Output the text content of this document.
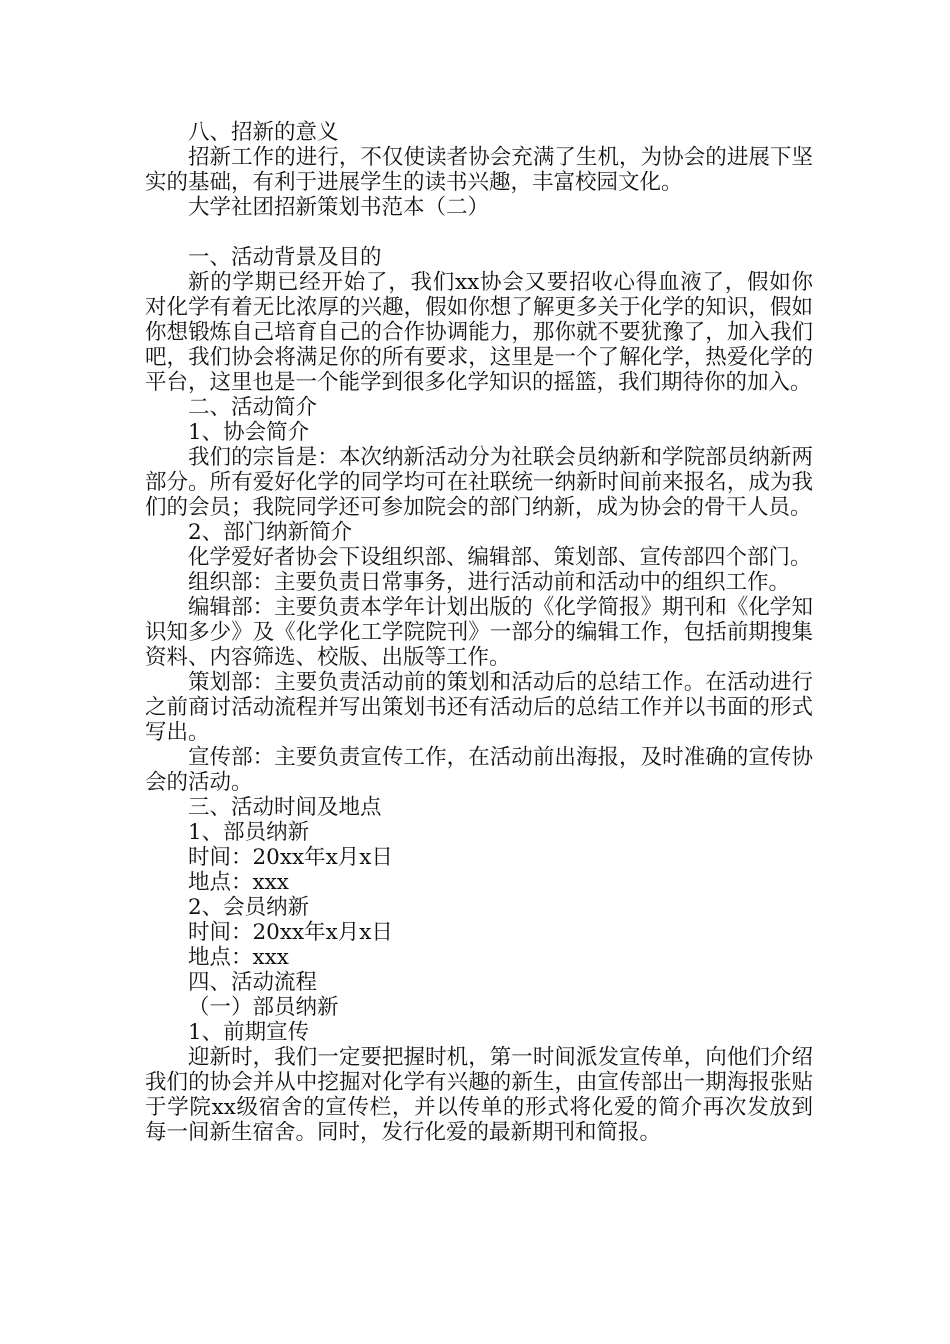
八、招新的意义

招新工作的进行，不仅使读者协会充满了生机，为协会的进展下坚实的基础，有利于进展学生的读书兴趣，丰富校园文化。

大学社团招新策划书范本（二）

一、活动背景及目的

新的学期已经开始了，我们xx协会又要招收心得血液了，假如你对化学有着无比浓厚的兴趣，假如你想了解更多关于化学的知识，假如你想锻炼自己培育自己的合作协调能力，那你就不要犹豫了，加入我们吧，我们协会将满足你的所有要求，这里是一个了解化学，热爱化学的平台，这里也是一个能学到很多化学知识的摇篮，我们期待你的加入。

二、活动简介

1、协会简介

我们的宗旨是：本次纳新活动分为社联会员纳新和学院部员纳新两部分。所有爱好化学的同学均可在社联统一纳新时间前来报名，成为我们的会员；我院同学还可参加院会的部门纳新，成为协会的骨干人员。

2、部门纳新简介

化学爱好者协会下设组织部、编辑部、策划部、宣传部四个部门。

组织部：主要负责日常事务，进行活动前和活动中的组织工作。

编辑部：主要负责本学年计划出版的《化学简报》期刊和《化学知识知多少》及《化学化工学院院刊》一部分的编辑工作，包括前期搜集资料、内容筛选、校版、出版等工作。

策划部：主要负责活动前的策划和活动后的总结工作。在活动进行之前商讨活动流程并写出策划书还有活动后的总结工作并以书面的形式写出。

宣传部：主要负责宣传工作，在活动前出海报，及时准确的宣传协会的活动。

三、活动时间及地点

1、部员纳新

时间：20xx年x月x日

地点：xxx

2、会员纳新

时间：20xx年x月x日

地点：xxx

四、活动流程

（一）部员纳新

1、前期宣传

迎新时，我们一定要把握时机，第一时间派发宣传单，向他们介绍我们的协会并从中挖掘对化学有兴趣的新生，由宣传部出一期海报张贴于学院xx级宿舍的宣传栏，并以传单的形式将化爱的简介再次发放到每一间新生宿舍。同时，发行化爱的最新期刊和简报。
